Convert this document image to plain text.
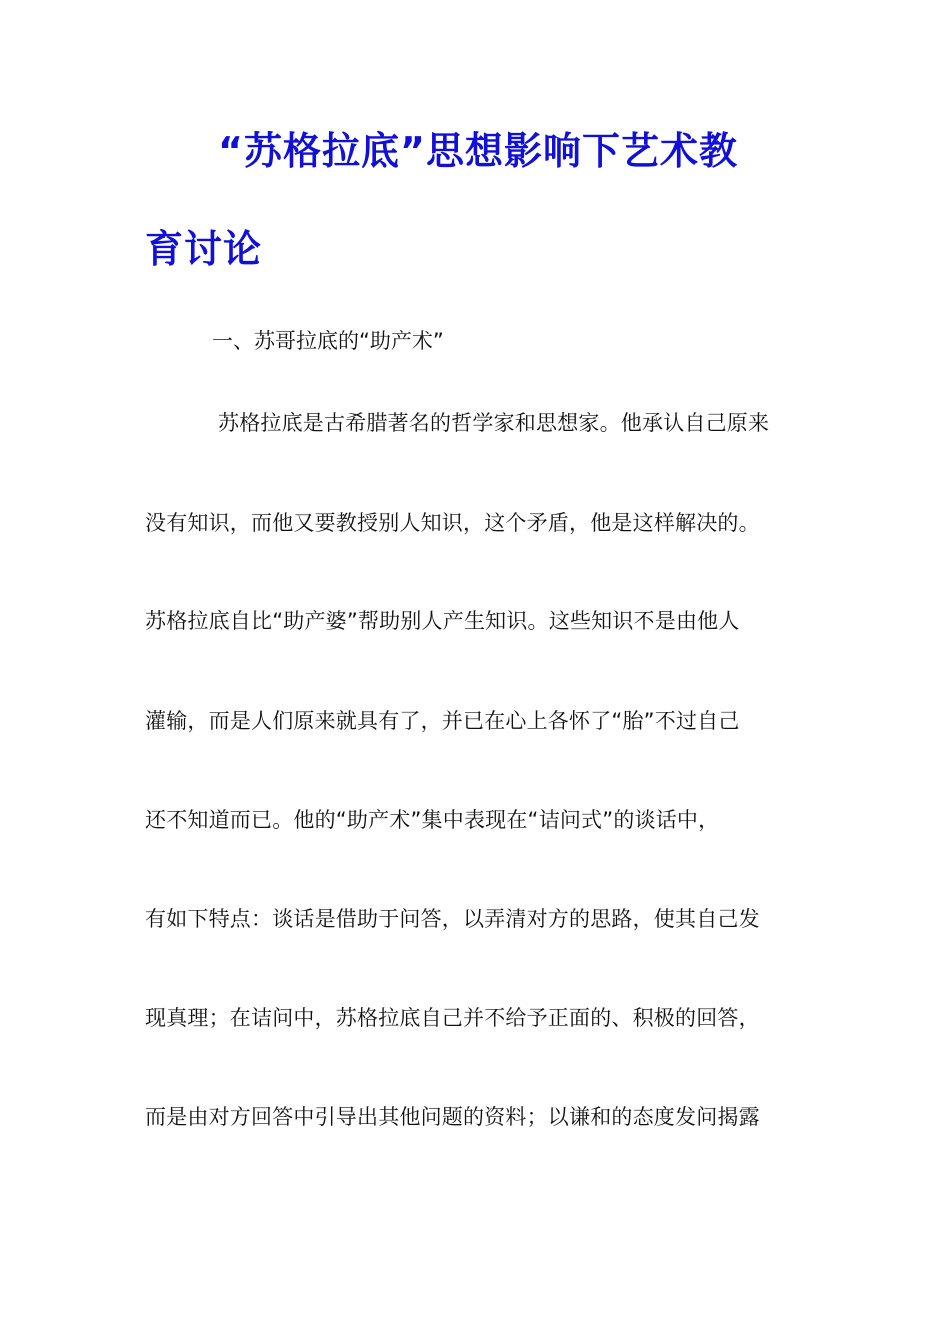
“苏格拉底”思想影响下艺术教
育讨论
一、苏哥拉底的“助产术”
苏格拉底是古希腊著名的哲学家和思想家。他承认自己原来
没有知识，而他又要教授别人知识，这个矛盾，他是这样解决的。
苏格拉底自比“助产婆”帮助别人产生知识。这些知识不是由他人
灌输，而是人们原来就具有了，并已在心上各怀了“胎”不过自己
还不知道而已。他的“助产术”集中表现在“诘问式”的谈话中，
有如下特点：谈话是借助于问答，以弄清对方的思路，使其自己发
现真理；在诘问中，苏格拉底自己并不给予正面的、积极的回答，
而是由对方回答中引导出其他问题的资料；以谦和的态度发问揭露
